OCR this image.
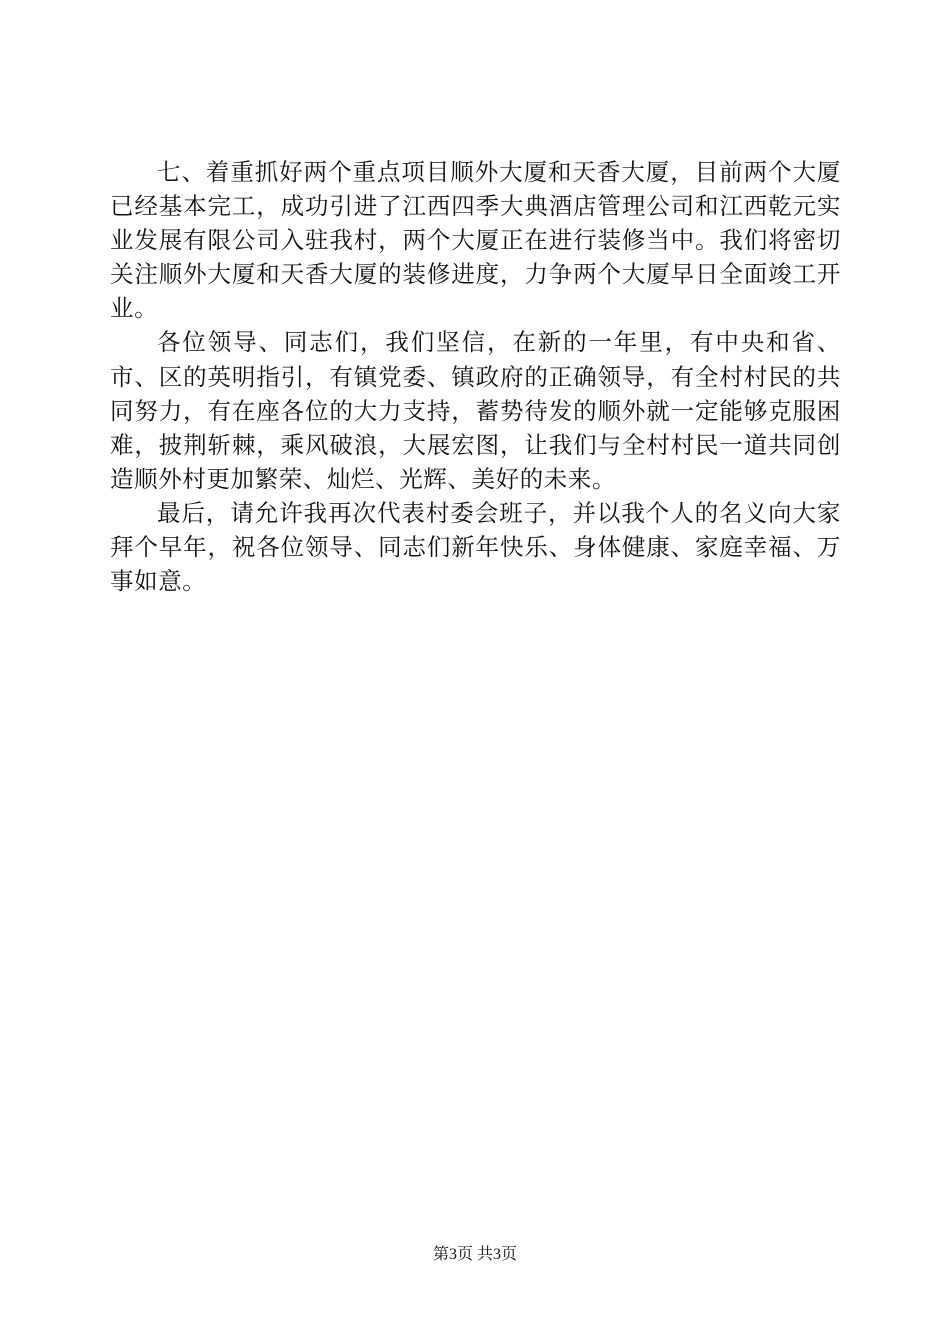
七、着重抓好两个重点项目顺外大厦和天香大厦，目前两个大厦已经基本完工，成功引进了江西四季大典酒店管理公司和江西乾元实业发展有限公司入驻我村，两个大厦正在进行装修当中。我们将密切关注顺外大厦和天香大厦的装修进度，力争两个大厦早日全面竣工开业。

各位领导、同志们，我们坚信，在新的一年里，有中央和省、市、区的英明指引，有镇党委、镇政府的正确领导，有全村村民的共同努力，有在座各位的大力支持，蓄势待发的顺外就一定能够克服困难，披荆斩棘，乘风破浪，大展宏图，让我们与全村村民一道共同创造顺外村更加繁荣、灿烂、光辉、美好的未来。

最后，请允许我再次代表村委会班子，并以我个人的名义向大家拜个早年，祝各位领导、同志们新年快乐、身体健康、家庭幸福、万事如意。

第3页 共3页
